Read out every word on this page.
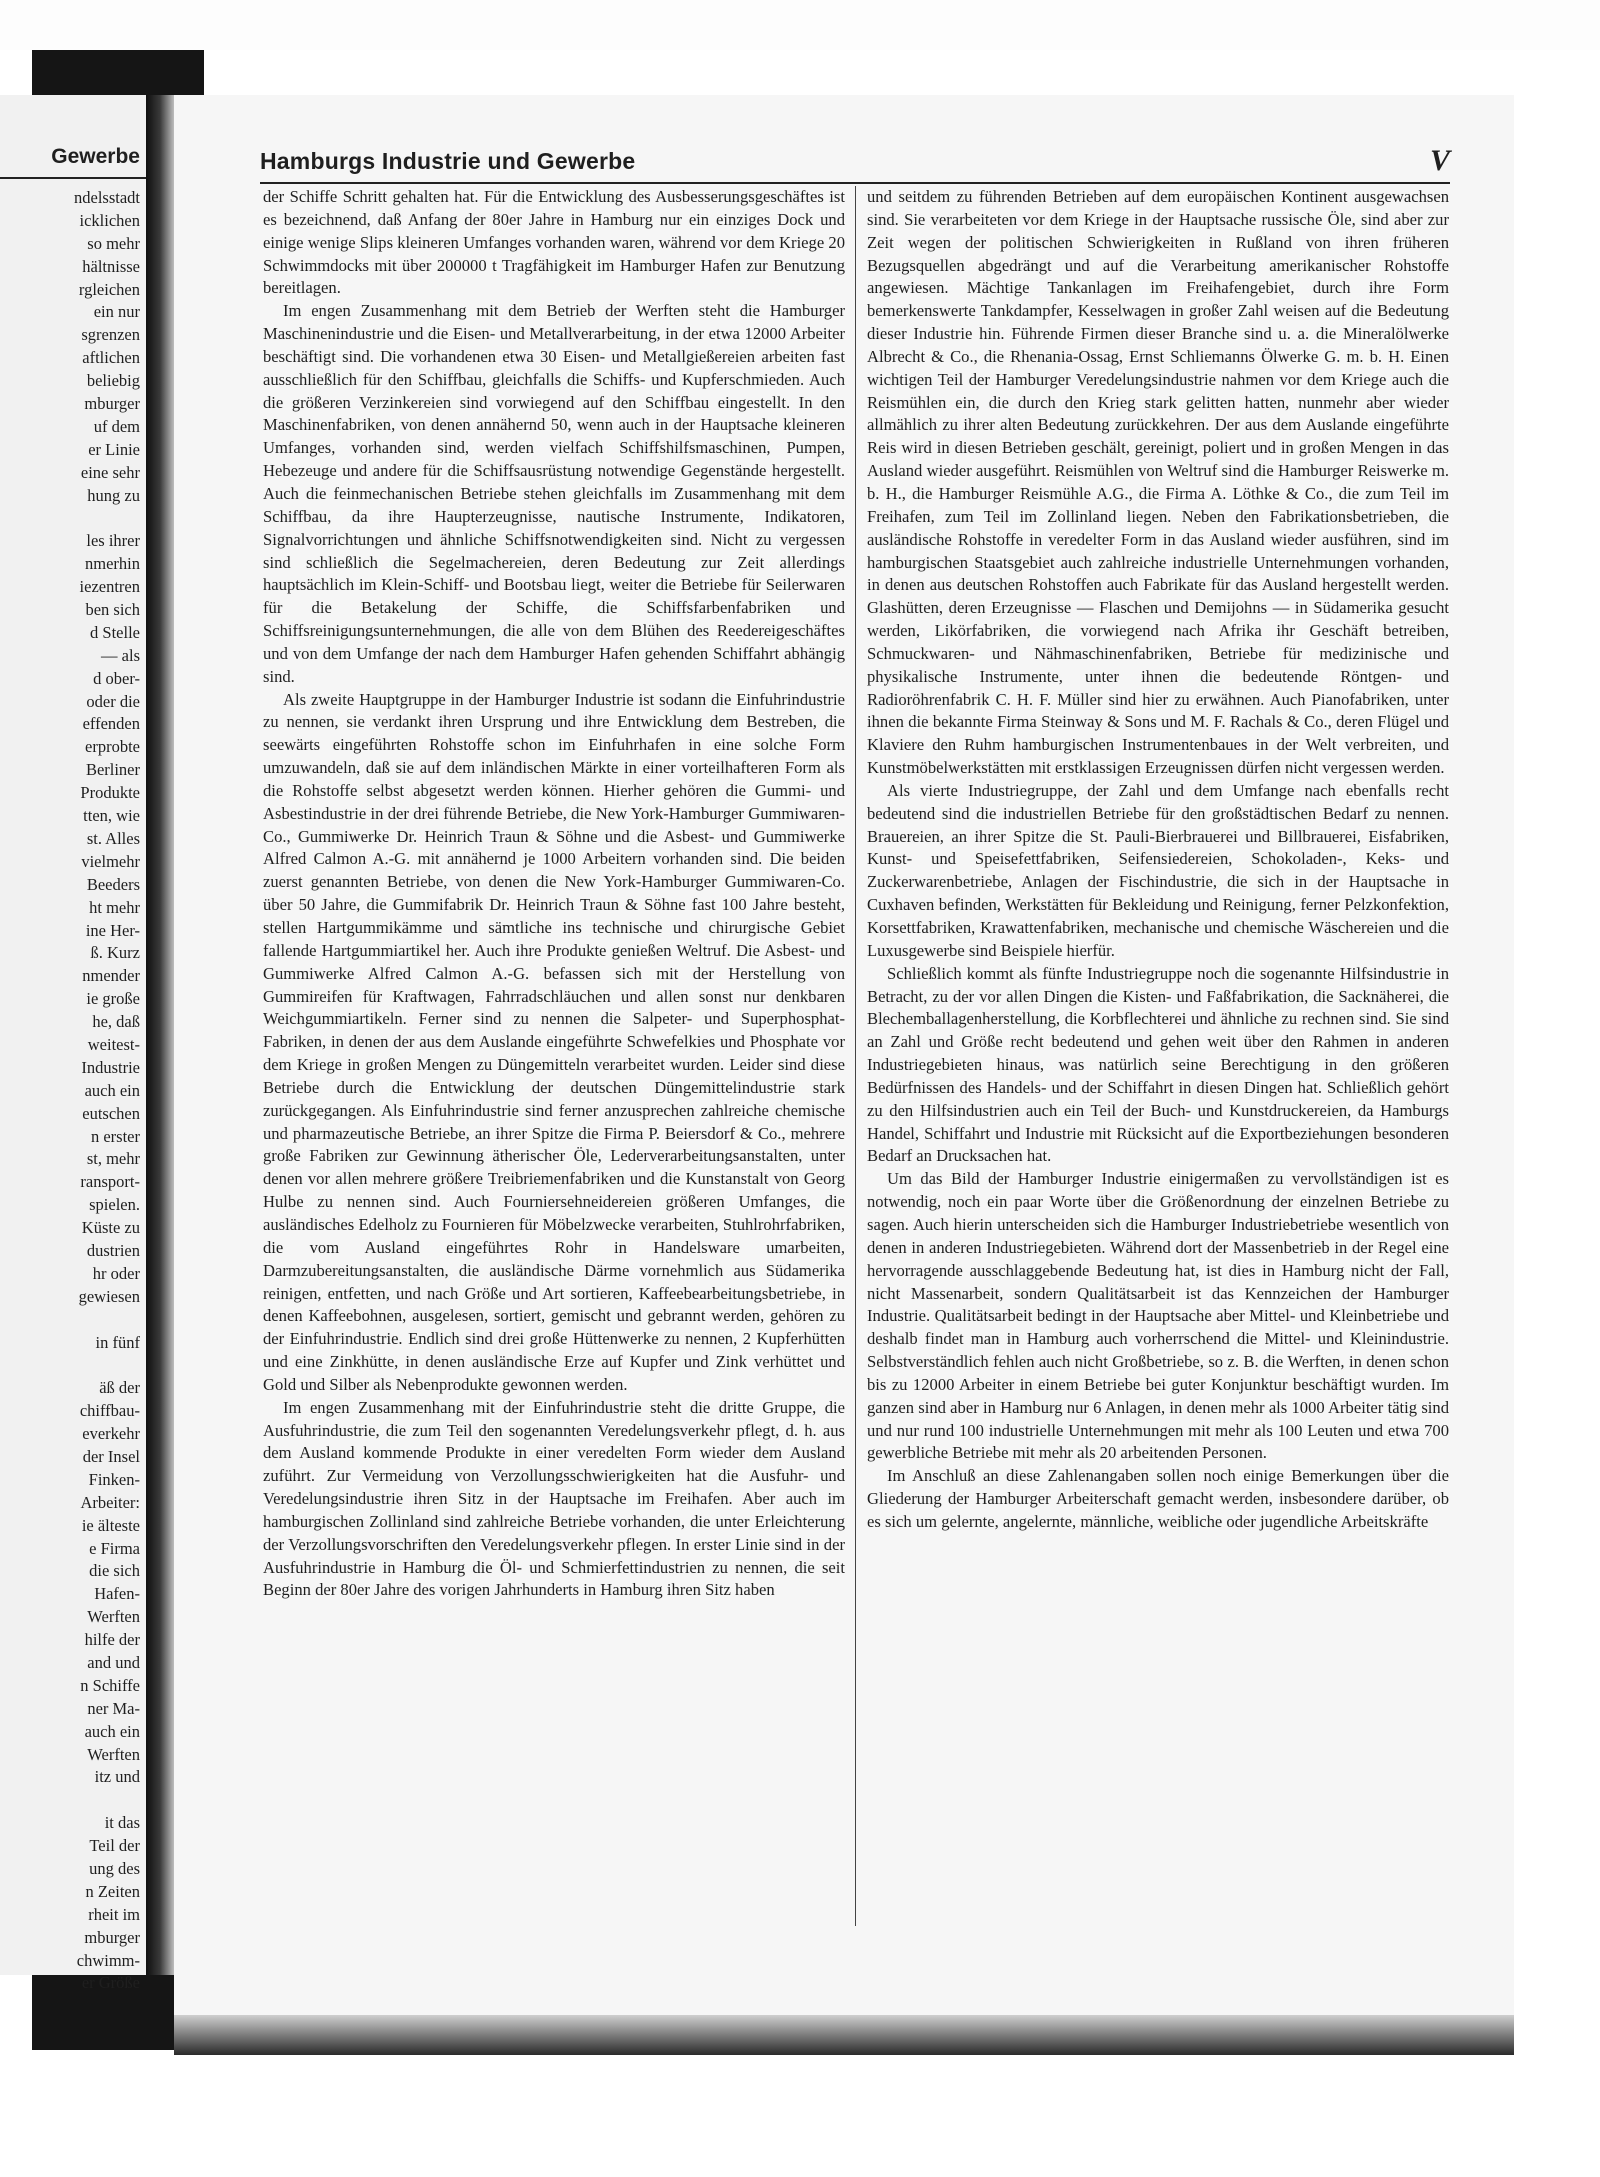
Gewerbe
ndelsstadt
icklichen
so mehr
hältnisse
rgleichen
ein nur
sgrenzen
aftlichen
beliebig
mburger
uf dem
er Linie
eine sehr
hung zu
les ihrer
nmerhin
iezentren
ben sich
d Stelle
— als
d ober-
oder die
effenden
erprobte
Berliner
Produkte
tten, wie
st. Alles
vielmehr
Beeders
ht mehr
ine Her-
ß. Kurz
nmender
ie große
he, daß
weitest-
Industrie
auch ein
eutschen
n erster
st, mehr
ransport-
spielen.
Küste zu
dustrien
hr oder
gewiesen
in fünf
äß der
chiffbau-
everkehr
der Insel
Finken-
Arbeiter:
ie älteste
e Firma
die sich
Hafen-
Werften
hilfe der
and und
n Schiffe
ner Ma-
auch ein
Werften
itz und
it das
Teil der
ung des
n Zeiten
rheit im
mburger
chwimm-
er Größe
Hamburgs Industrie und Gewerbe	V

der Schiffe Schritt gehalten hat. Für die Entwicklung des Ausbesserungsgeschäftes ist es bezeichnend, daß Anfang der 80er Jahre in Hamburg nur ein einziges Dock und einige wenige Slips kleineren Umfanges vorhanden waren, während vor dem Kriege 20 Schwimmdocks mit über 200000 t Tragfähigkeit im Hamburger Hafen zur Benutzung bereitlagen.

Im engen Zusammenhang mit dem Betrieb der Werften steht die Hamburger Maschinenindustrie und die Eisen- und Metallverarbeitung, in der etwa 12000 Arbeiter beschäftigt sind. Die vorhandenen etwa 30 Eisen- und Metallgießereien arbeiten fast ausschließlich für den Schiffbau, gleichfalls die Schiffs- und Kupferschmieden. Auch die größeren Verzinkereien sind vorwiegend auf den Schiffbau eingestellt. In den Maschinenfabriken, von denen annähernd 50, wenn auch in der Hauptsache kleineren Umfanges, vorhanden sind, werden vielfach Schiffshilfsmaschinen, Pumpen, Hebezeuge und andere für die Schiffsausrüstung notwendige Gegenstände hergestellt. Auch die feinmechanischen Betriebe stehen gleichfalls im Zusammenhang mit dem Schiffbau, da ihre Haupterzeugnisse, nautische Instrumente, Indikatoren, Signalvorrichtungen und ähnliche Schiffsnotwendigkeiten sind. Nicht zu vergessen sind schließlich die Segelmachereien, deren Bedeutung zur Zeit allerdings hauptsächlich im Klein-Schiff- und Bootsbau liegt, weiter die Betriebe für Seilerwaren für die Betakelung der Schiffe, die Schiffsfarbenfabriken und Schiffsreinigungsunternehmungen, die alle von dem Blühen des Reedereigeschäftes und von dem Umfange der nach dem Hamburger Hafen gehenden Schiffahrt abhängig sind.

Als zweite Hauptgruppe in der Hamburger Industrie ist sodann die Einfuhrindustrie zu nennen, sie verdankt ihren Ursprung und ihre Entwicklung dem Bestreben, die seewärts eingeführten Rohstoffe schon im Einfuhrhafen in eine solche Form umzuwandeln, daß sie auf dem inländischen Märkte in einer vorteilhafteren Form als die Rohstoffe selbst abgesetzt werden können. Hierher gehören die Gummi- und Asbestindustrie in der drei führende Betriebe, die New York-Hamburger Gummiwaren-Co., Gummiwerke Dr. Heinrich Traun & Söhne und die Asbest- und Gummiwerke Alfred Calmon A.-G. mit annähernd je 1000 Arbeitern vorhanden sind. Die beiden zuerst genannten Betriebe, von denen die New York-Hamburger Gummiwaren-Co. über 50 Jahre, die Gummifabrik Dr. Heinrich Traun & Söhne fast 100 Jahre besteht, stellen Hartgummikämme und sämtliche ins technische und chirurgische Gebiet fallende Hartgummiartikel her. Auch ihre Produkte genießen Weltruf. Die Asbest- und Gummiwerke Alfred Calmon A.-G. befassen sich mit der Herstellung von Gummireifen für Kraftwagen, Fahrradschläuchen und allen sonst nur denkbaren Weichgummiartikeln. Ferner sind zu nennen die Salpeter- und Superphosphat-Fabriken, in denen der aus dem Auslande eingeführte Schwefelkies und Phosphate vor dem Kriege in großen Mengen zu Düngemitteln verarbeitet wurden. Leider sind diese Betriebe durch die Entwicklung der deutschen Düngemittelindustrie stark zurückgegangen. Als Einfuhrindustrie sind ferner anzusprechen zahlreiche chemische und pharmazeutische Betriebe, an ihrer Spitze die Firma P. Beiersdorf & Co., mehrere große Fabriken zur Gewinnung ätherischer Öle, Lederverarbeitungsanstalten, unter denen vor allen mehrere größere Treibriemenfabriken und die Kunstanstalt von Georg Hulbe zu nennen sind. Auch Fourniersehneidereien größeren Umfanges, die ausländisches Edelholz zu Fournieren für Möbelzwecke verarbeiten, Stuhlrohrfabriken, die vom Ausland eingeführtes Rohr in Handelsware umarbeiten, Darmzubereitungsanstalten, die ausländische Därme vornehmlich aus Südamerika reinigen, entfetten, und nach Größe und Art sortieren, Kaffeebearbeitungsbetriebe, in denen Kaffeebohnen, ausgelesen, sortiert, gemischt und gebrannt werden, gehören zu der Einfuhrindustrie. Endlich sind drei große Hüttenwerke zu nennen, 2 Kupferhütten und eine Zinkhütte, in denen ausländische Erze auf Kupfer und Zink verhüttet und Gold und Silber als Nebenprodukte gewonnen werden.

Im engen Zusammenhang mit der Einfuhrindustrie steht die dritte Gruppe, die Ausfuhrindustrie, die zum Teil den sogenannten Veredelungsverkehr pflegt, d. h. aus dem Ausland kommende Produkte in einer veredelten Form wieder dem Ausland zuführt. Zur Vermeidung von Verzollungsschwierigkeiten hat die Ausfuhr- und Veredelungsindustrie ihren Sitz in der Hauptsache im Freihafen. Aber auch im hamburgischen Zollinland sind zahlreiche Betriebe vorhanden, die unter Erleichterung der Verzollungsvorschriften den Veredelungsverkehr pflegen. In erster Linie sind in der Ausfuhrindustrie in Hamburg die Öl- und Schmierfettindustrien zu nennen, die seit Beginn der 80er Jahre des vorigen Jahrhunderts in Hamburg ihren Sitz haben

und seitdem zu führenden Betrieben auf dem europäischen Kontinent ausgewachsen sind. Sie verarbeiteten vor dem Kriege in der Hauptsache russische Öle, sind aber zur Zeit wegen der politischen Schwierigkeiten in Rußland von ihren früheren Bezugsquellen abgedrängt und auf die Verarbeitung amerikanischer Rohstoffe angewiesen. Mächtige Tankanlagen im Freihafengebiet, durch ihre Form bemerkenswerte Tankdampfer, Kesselwagen in großer Zahl weisen auf die Bedeutung dieser Industrie hin. Führende Firmen dieser Branche sind u. a. die Mineralölwerke Albrecht & Co., die Rhenania-Ossag, Ernst Schliemanns Ölwerke G. m. b. H. Einen wichtigen Teil der Hamburger Veredelungsindustrie nahmen vor dem Kriege auch die Reismühlen ein, die durch den Krieg stark gelitten hatten, nunmehr aber wieder allmählich zu ihrer alten Bedeutung zurückkehren. Der aus dem Auslande eingeführte Reis wird in diesen Betrieben geschält, gereinigt, poliert und in großen Mengen in das Ausland wieder ausgeführt. Reismühlen von Weltruf sind die Hamburger Reiswerke m. b. H., die Hamburger Reismühle A.G., die Firma A. Löthke & Co., die zum Teil im Freihafen, zum Teil im Zollinland liegen. Neben den Fabrikationsbetrieben, die ausländische Rohstoffe in veredelter Form in das Ausland wieder ausführen, sind im hamburgischen Staatsgebiet auch zahlreiche industrielle Unternehmungen vorhanden, in denen aus deutschen Rohstoffen auch Fabrikate für das Ausland hergestellt werden. Glashütten, deren Erzeugnisse — Flaschen und Demijohns — in Südamerika gesucht werden, Likörfabriken, die vorwiegend nach Afrika ihr Geschäft betreiben, Schmuckwaren- und Nähmaschinenfabriken, Betriebe für medizinische und physikalische Instrumente, unter ihnen die bedeutende Röntgen- und Radioröhrenfabrik C. H. F. Müller sind hier zu erwähnen. Auch Pianofabriken, unter ihnen die bekannte Firma Steinway & Sons und M. F. Rachals & Co., deren Flügel und Klaviere den Ruhm hamburgischen Instrumentenbaues in der Welt verbreiten, und Kunstmöbelwerkstätten mit erstklassigen Erzeugnissen dürfen nicht vergessen werden.

Als vierte Industriegruppe, der Zahl und dem Umfange nach ebenfalls recht bedeutend sind die industriellen Betriebe für den großstädtischen Bedarf zu nennen. Brauereien, an ihrer Spitze die St. Pauli-Bierbrauerei und Billbrauerei, Eisfabriken, Kunst- und Speisefettfabriken, Seifensiedereien, Schokoladen-, Keks- und Zuckerwarenbetriebe, Anlagen der Fischindustrie, die sich in der Hauptsache in Cuxhaven befinden, Werkstätten für Bekleidung und Reinigung, ferner Pelzkonfektion, Korsettfabriken, Krawattenfabriken, mechanische und chemische Wäschereien und die Luxusgewerbe sind Beispiele hierfür.

Schließlich kommt als fünfte Industriegruppe noch die sogenannte Hilfsindustrie in Betracht, zu der vor allen Dingen die Kisten- und Faßfabrikation, die Sacknäherei, die Blechemballagenherstellung, die Korbflechterei und ähnliche zu rechnen sind. Sie sind an Zahl und Größe recht bedeutend und gehen weit über den Rahmen in anderen Industriegebieten hinaus, was natürlich seine Berechtigung in den größeren Bedürfnissen des Handels- und der Schiffahrt in diesen Dingen hat. Schließlich gehört zu den Hilfsindustrien auch ein Teil der Buch- und Kunstdruckereien, da Hamburgs Handel, Schiffahrt und Industrie mit Rücksicht auf die Exportbeziehungen besonderen Bedarf an Drucksachen hat.

Um das Bild der Hamburger Industrie einigermaßen zu vervollständigen ist es notwendig, noch ein paar Worte über die Größenordnung der einzelnen Betriebe zu sagen. Auch hierin unterscheiden sich die Hamburger Industriebetriebe wesentlich von denen in anderen Industriegebieten. Während dort der Massenbetrieb in der Regel eine hervorragende ausschlaggebende Bedeutung hat, ist dies in Hamburg nicht der Fall, nicht Massenarbeit, sondern Qualitätsarbeit ist das Kennzeichen der Hamburger Industrie. Qualitätsarbeit bedingt in der Hauptsache aber Mittel- und Kleinbetriebe und deshalb findet man in Hamburg auch vorherrschend die Mittel- und Kleinindustrie. Selbstverständlich fehlen auch nicht Großbetriebe, so z. B. die Werften, in denen schon bis zu 12000 Arbeiter in einem Betriebe bei guter Konjunktur beschäftigt wurden. Im ganzen sind aber in Hamburg nur 6 Anlagen, in denen mehr als 1000 Arbeiter tätig sind und nur rund 100 industrielle Unternehmungen mit mehr als 100 Leuten und etwa 700 gewerbliche Betriebe mit mehr als 20 arbeitenden Personen.

Im Anschluß an diese Zahlenangaben sollen noch einige Bemerkungen über die Gliederung der Hamburger Arbeiterschaft gemacht werden, insbesondere darüber, ob es sich um gelernte, angelernte, männliche, weibliche oder jugendliche Arbeitskräfte
